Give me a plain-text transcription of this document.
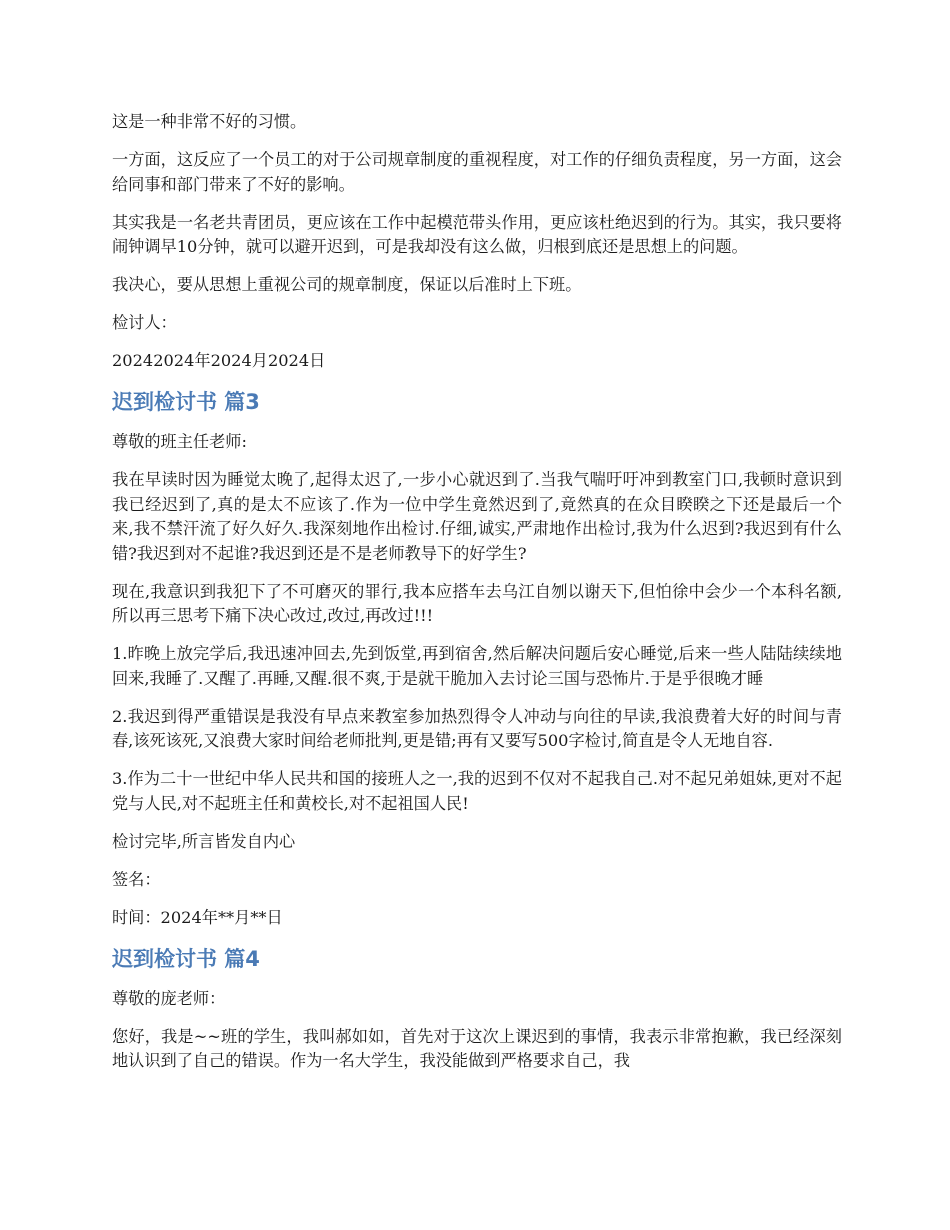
这是一种非常不好的习惯。

一方面，这反应了一个员工的对于公司规章制度的重视程度，对工作的仔细负责程度，另一方面，这会给同事和部门带来了不好的影响。

其实我是一名老共青团员，更应该在工作中起模范带头作用，更应该杜绝迟到的行为。其实，我只要将闹钟调早10分钟，就可以避开迟到，可是我却没有这么做，归根到底还是思想上的问题。

我决心，要从思想上重视公司的规章制度，保证以后准时上下班。

检讨人：

20242024年2024月2024日

迟到检讨书 篇3

尊敬的班主任老师:

我在早读时因为睡觉太晚了,起得太迟了,一步小心就迟到了.当我气喘吁吁冲到教室门口,我顿时意识到我已经迟到了,真的是太不应该了.作为一位中学生竟然迟到了,竟然真的在众目睽睽之下还是最后一个来,我不禁汗流了好久好久.我深刻地作出检讨.仔细,诚实,严肃地作出检讨,我为什么迟到?我迟到有什么错?我迟到对不起谁?我迟到还是不是老师教导下的好学生?

现在,我意识到我犯下了不可磨灭的罪行,我本应搭车去乌江自刎以谢天下,但怕徐中会少一个本科名额,所以再三思考下痛下决心改过,改过,再改过!!!

1.昨晚上放完学后,我迅速冲回去,先到饭堂,再到宿舍,然后解决问题后安心睡觉,后来一些人陆陆续续地回来,我睡了.又醒了.再睡,又醒.很不爽,于是就干脆加入去讨论三国与恐怖片.于是乎很晚才睡

2.我迟到得严重错误是我没有早点来教室参加热烈得令人冲动与向往的早读,我浪费着大好的时间与青春,该死该死,又浪费大家时间给老师批判,更是错;再有又要写500字检讨,简直是令人无地自容.

3.作为二十一世纪中华人民共和国的接班人之一,我的迟到不仅对不起我自己.对不起兄弟姐妹,更对不起党与人民,对不起班主任和黄校长,对不起祖国人民!

检讨完毕,所言皆发自内心

签名：

时间：2024年**月**日

迟到检讨书 篇4

尊敬的庞老师：

您好，我是~~班的学生，我叫郝如如，首先对于这次上课迟到的事情，我表示非常抱歉，我已经深刻地认识到了自己的错误。作为一名大学生，我没能做到严格要求自己，我
